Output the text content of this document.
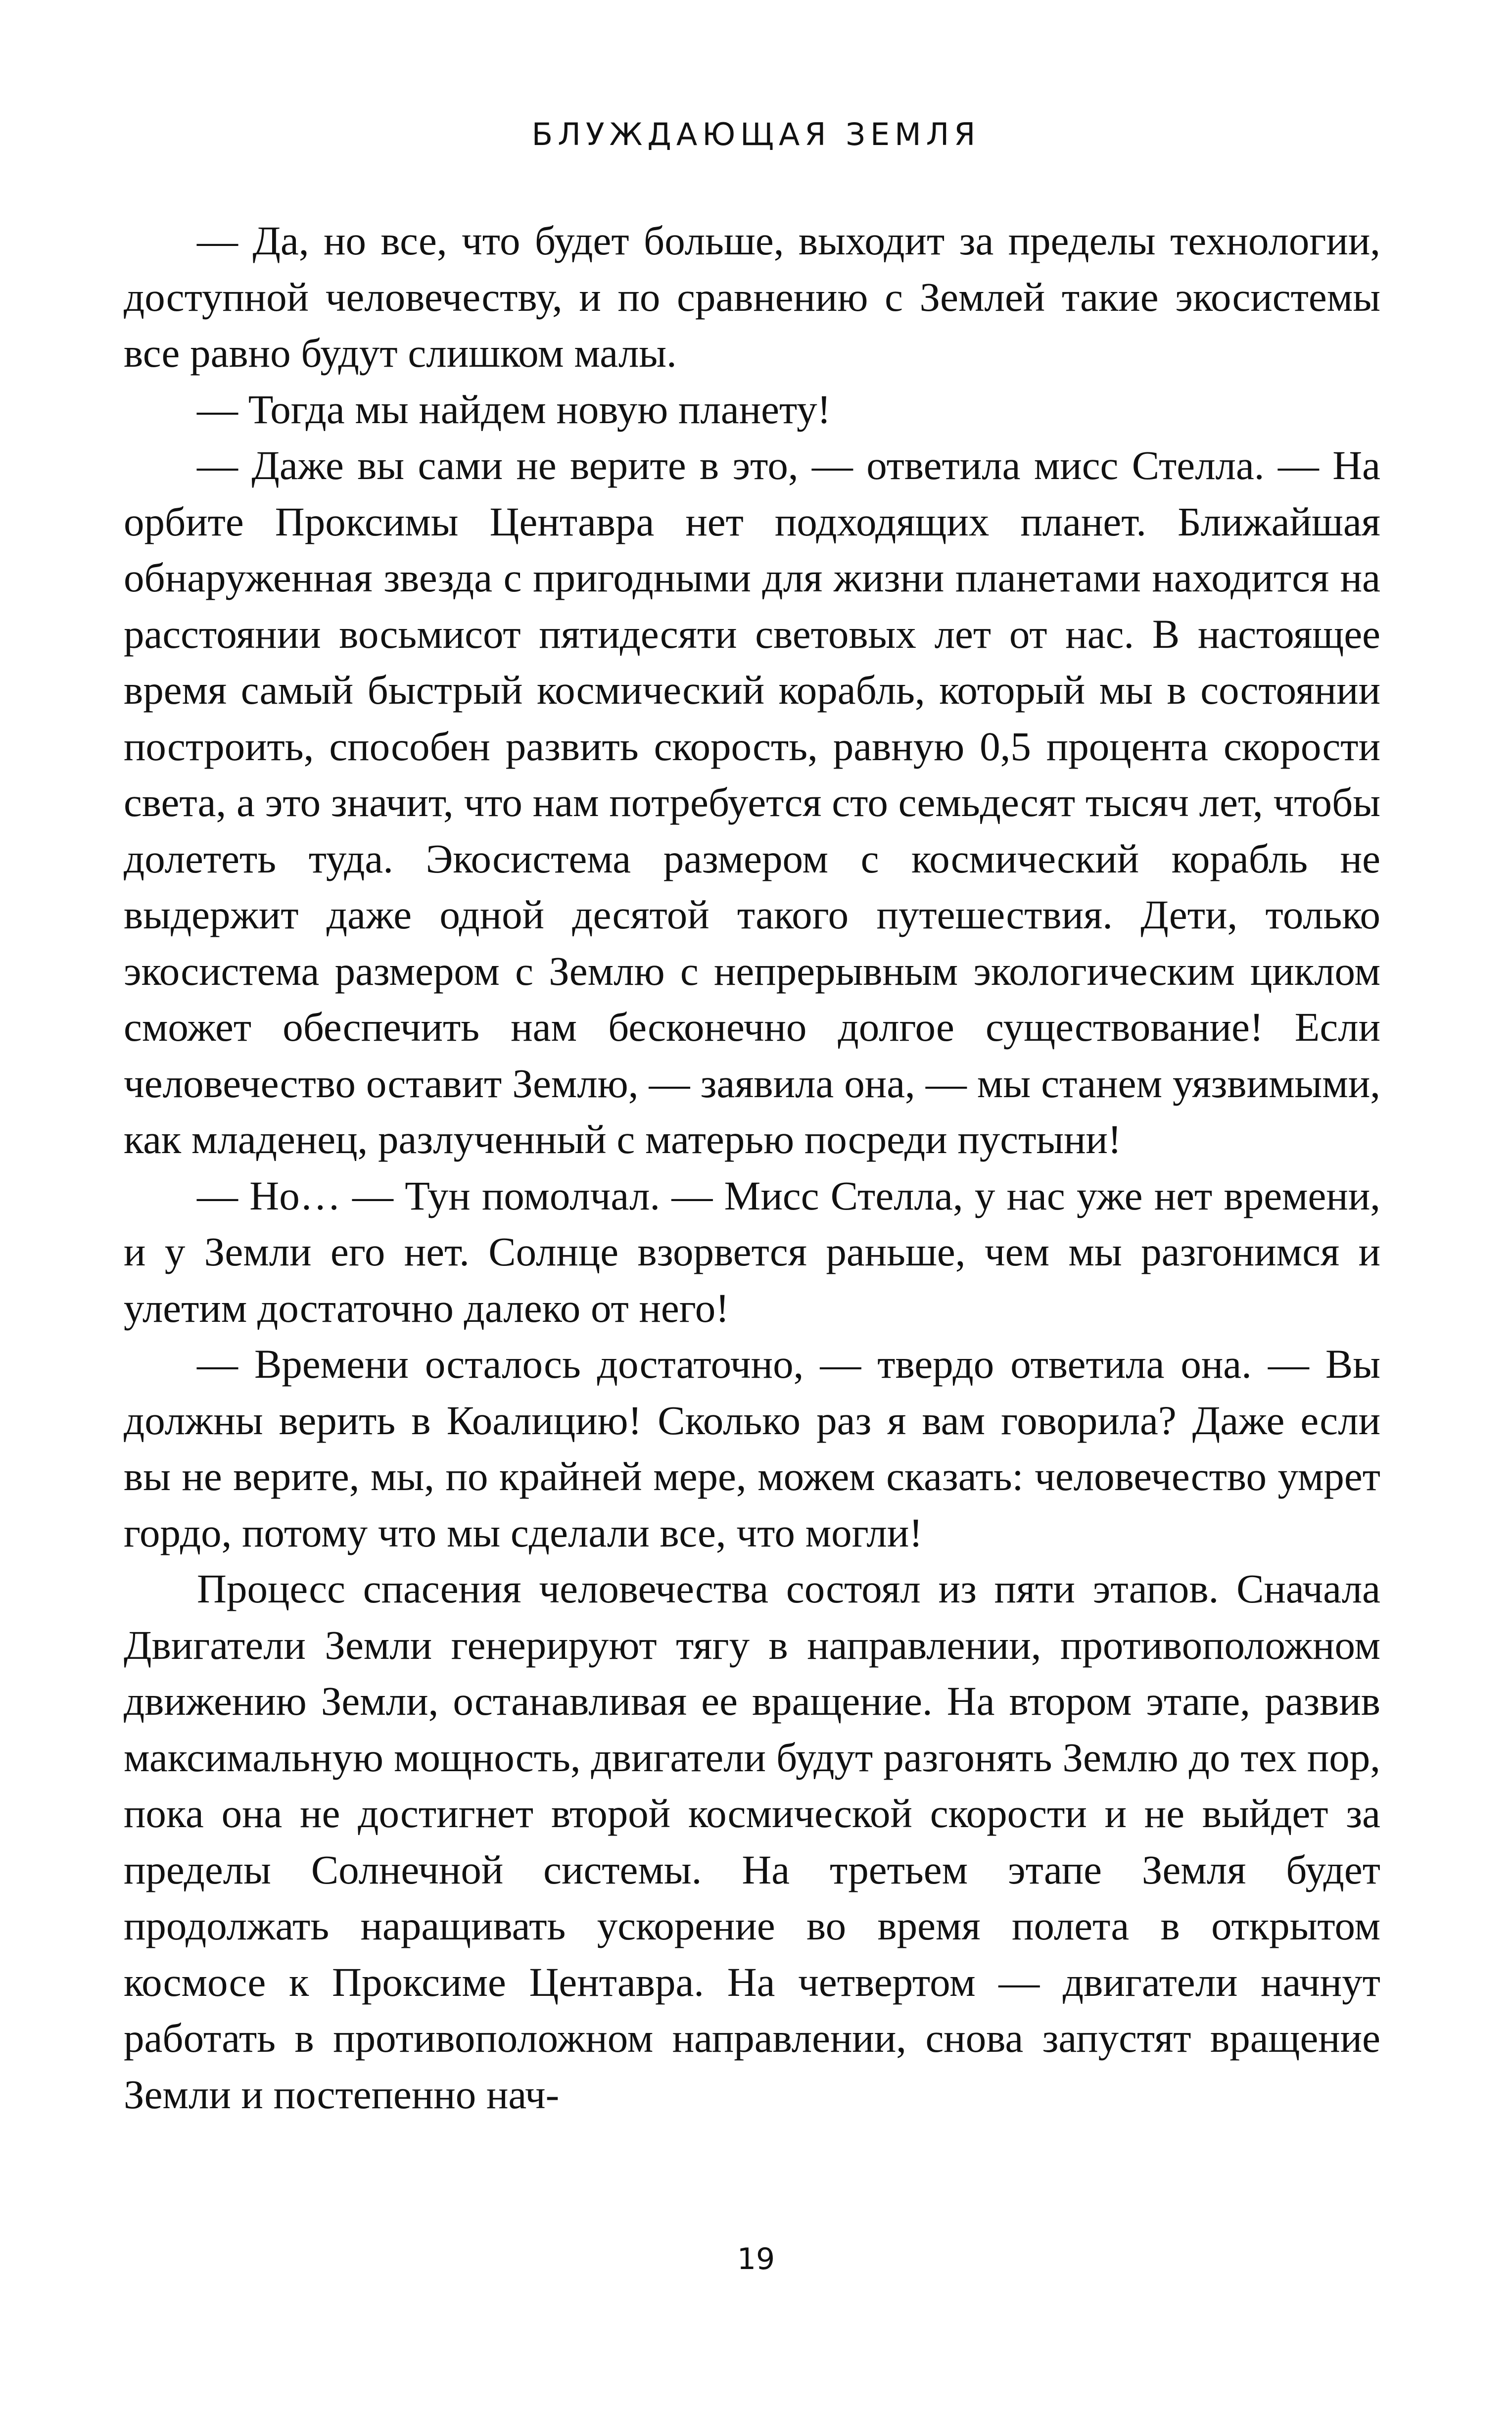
БЛУЖДАЮЩАЯ ЗЕМЛЯ

— Да, но все, что будет больше, выходит за пределы технологии, доступной человечеству, и по сравнению с Землей такие экосистемы все равно будут слишком малы.

— Тогда мы найдем новую планету!

— Даже вы сами не верите в это, — ответила мисс Стелла. — На орбите Проксимы Центавра нет подходящих планет. Ближайшая обнаруженная звезда с пригодными для жизни планетами находится на расстоянии восьмисот пятидесяти световых лет от нас. В настоящее время самый быстрый космический корабль, который мы в состоянии построить, способен развить скорость, равную 0,5 процента скорости света, а это значит, что нам потребуется сто семьдесят тысяч лет, чтобы долететь туда. Экосистема размером с космический корабль не выдержит даже одной десятой такого путешествия. Дети, только экосистема размером с Землю с непрерывным экологическим циклом сможет обеспечить нам бесконечно долгое существование! Если человечество оставит Землю, — заявила она, — мы станем уязвимыми, как младенец, разлученный с матерью посреди пустыни!

— Но… — Тун помолчал. — Мисс Стелла, у нас уже нет времени, и у Земли его нет. Солнце взорвется раньше, чем мы разгонимся и улетим достаточно далеко от него!

— Времени осталось достаточно, — твердо ответила она. — Вы должны верить в Коалицию! Сколько раз я вам говорила? Даже если вы не верите, мы, по крайней мере, можем сказать: человечество умрет гордо, потому что мы сделали все, что могли!

Процесс спасения человечества состоял из пяти этапов. Сначала Двигатели Земли генерируют тягу в направлении, противоположном движению Земли, останавливая ее вращение. На втором этапе, развив максимальную мощность, двигатели будут разгонять Землю до тех пор, пока она не достигнет второй космической скорости и не выйдет за пределы Солнечной системы. На третьем этапе Земля будет продолжать наращивать ускорение во время полета в открытом космосе к Проксиме Центавра. На четвертом — двигатели начнут работать в противоположном направлении, снова запустят вращение Земли и постепенно нач-

19
